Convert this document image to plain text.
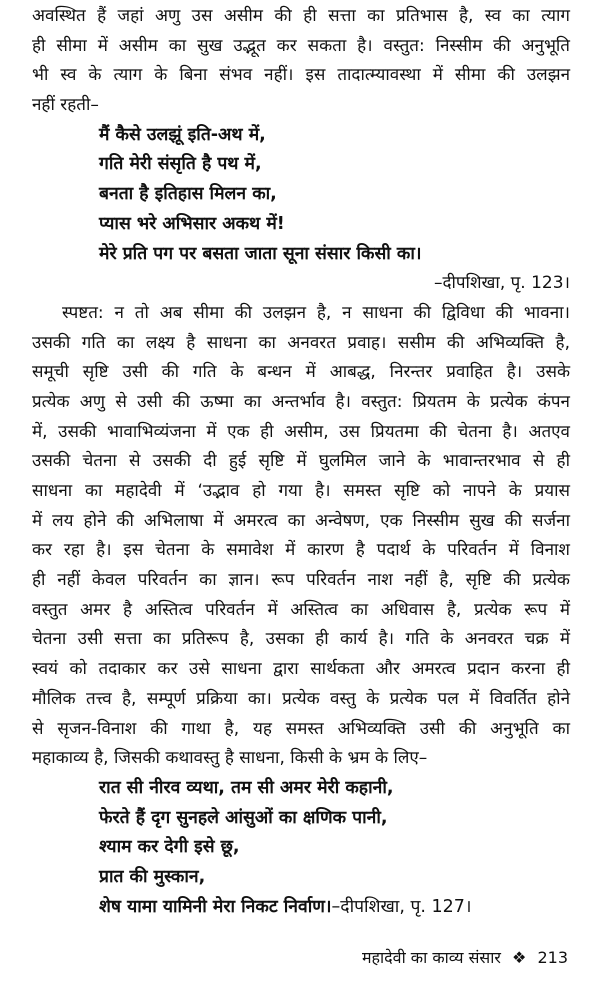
अवस्थित हैं जहां अणु उस असीम की ही सत्ता का प्रतिभास है, स्व का त्याग
ही सीमा में असीम का सुख उद्भूत कर सकता है। वस्तुत: निस्सीम की अनुभूति
भी स्व के त्याग के बिना संभव नहीं। इस तादात्म्यावस्था में सीमा की उलझन
नहीं रहती–
मैं कैसे उलझूं इति-अथ में,
गति मेरी संसृति है पथ में,
बनता है इतिहास मिलन का,
प्यास भरे अभिसार अकथ में!
मेरे प्रति पग पर बसता जाता सूना संसार किसी का।
–दीपशिखा, पृ. 123।
स्पष्टत: न तो अब सीमा की उलझन है, न साधना की द्विविधा की भावना।
उसकी गति का लक्ष्य है साधना का अनवरत प्रवाह। ससीम की अभिव्यक्ति है,
समूची सृष्टि उसी की गति के बन्धन में आबद्ध, निरन्तर प्रवाहित है। उसके
प्रत्येक अणु से उसी की ऊष्मा का अन्तर्भाव है। वस्तुत: प्रियतम के प्रत्येक कंपन
में, उसकी भावाभिव्यंजना में एक ही असीम, उस प्रियतमा की चेतना है। अतएव
उसकी चेतना से उसकी दी हुई सृष्टि में घुलमिल जाने के भावान्तरभाव से ही
साधना का महादेवी में ‘उद्भाव हो गया है। समस्त सृष्टि को नापने के प्रयास
में लय होने की अभिलाषा में अमरत्व का अन्वेषण, एक निस्सीम सुख की सर्जना
कर रहा है। इस चेतना के समावेश में कारण है पदार्थ के परिवर्तन में विनाश
ही नहीं केवल परिवर्तन का ज्ञान। रूप परिवर्तन नाश नहीं है, सृष्टि की प्रत्येक
वस्तुत अमर है अस्तित्व परिवर्तन में अस्तित्व का अधिवास है, प्रत्येक रूप में
चेतना उसी सत्ता का प्रतिरूप है, उसका ही कार्य है। गति के अनवरत चक्र में
स्वयं को तदाकार कर उसे साधना द्वारा सार्थकता और अमरत्व प्रदान करना ही
मौलिक तत्त्व है, सम्पूर्ण प्रक्रिया का। प्रत्येक वस्तु के प्रत्येक पल में विवर्तित होने
से सृजन-विनाश की गाथा है, यह समस्त अभिव्यक्ति उसी की अनुभूति का
महाकाव्य है, जिसकी कथावस्तु है साधना, किसी के भ्रम के लिए–
रात सी नीरव व्यथा, तम सी अमर मेरी कहानी,
फेरते हैं दृग सुनहले आंसुओं का क्षणिक पानी,
श्याम कर देगी इसे छू,
प्रात की मुस्कान,
शेष यामा यामिनी मेरा निकट निर्वाण।–दीपशिखा, पृ. 127।
महादेवी का काव्य संसार ❖ 213
